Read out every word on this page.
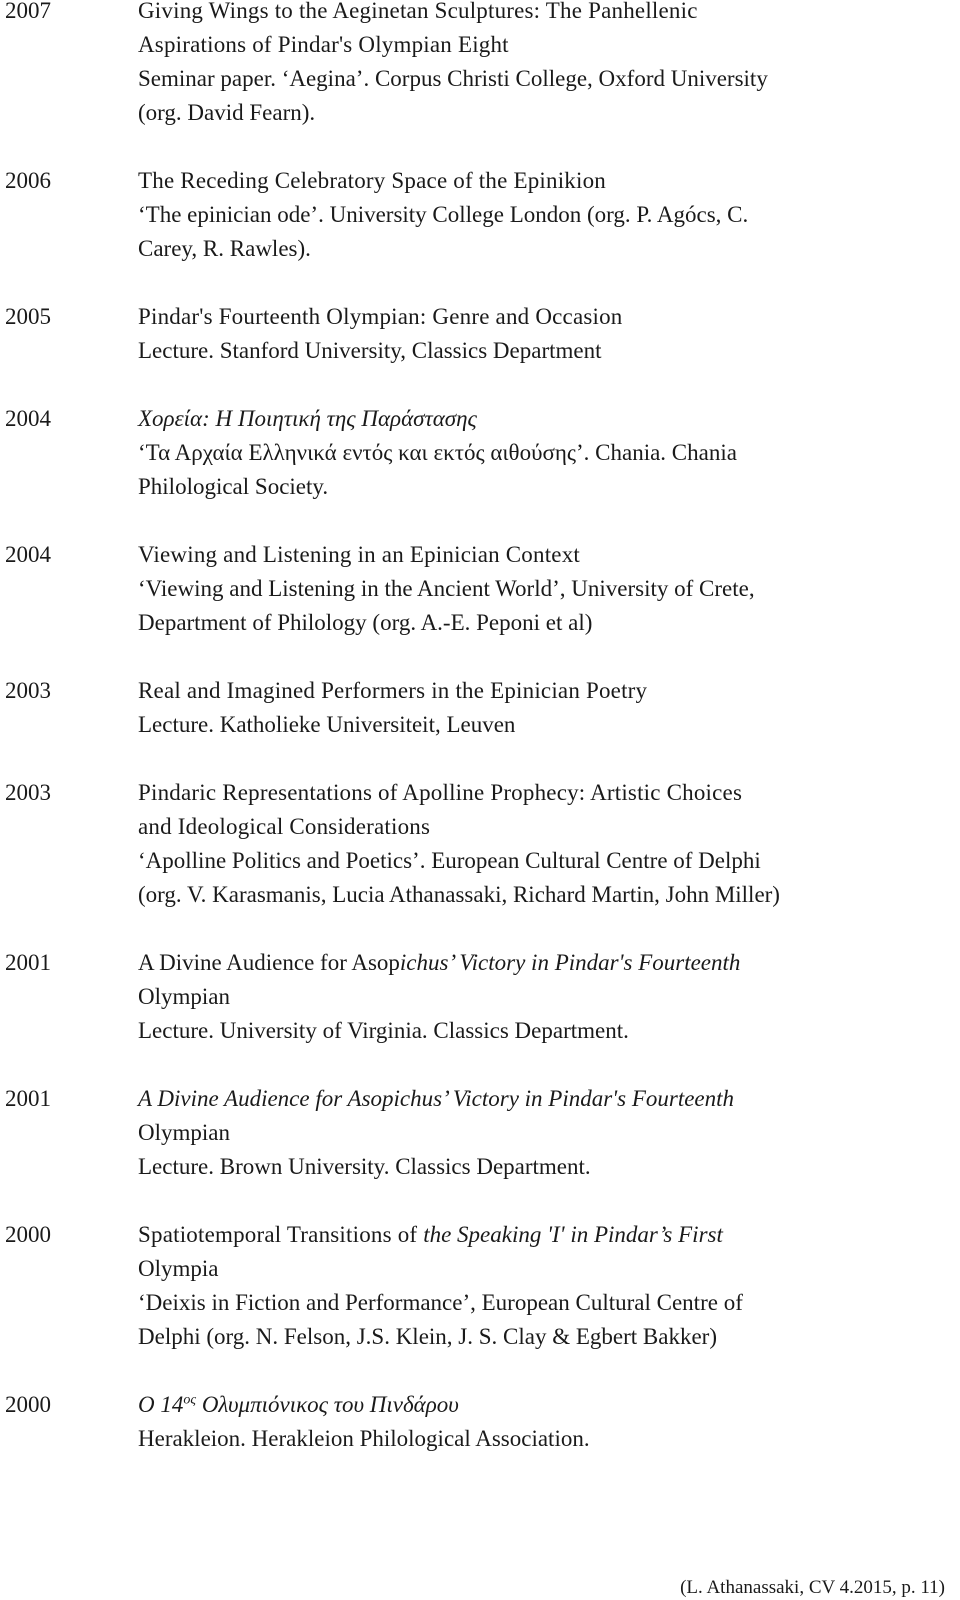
2007	Giving Wings to the Aeginetan Sculptures: The Panhellenic
Aspirations of Pindar's Olympian Eight
Seminar paper. ‘Aegina’. Corpus Christi College, Oxford University
(org. David Fearn).
2006	The Receding Celebratory Space of the Epinikion
‘The epinician ode’. University College London (org. P. Agócs, C.
Carey, R. Rawles).
2005	Pindar's Fourteenth Olympian: Genre and Occasion
Lecture. Stanford University, Classics Department
2004	Χορεία: Η Ποιητική της Παράστασης
‘Τα Αρχαία Ελληνικά εντός και εκτός αιθούσης’. Chania. Chania
Philological Society.
2004	Viewing and Listening in an Epinician Context
‘Viewing and Listening in the Ancient World’, University of Crete,
Department of Philology (org. A.-E. Peponi et al)
2003	Real and Imagined Performers in the Epinician Poetry
Lecture. Katholieke Universiteit, Leuven
2003	Pindaric Representations of Apolline Prophecy: Artistic Choices
and Ideological Considerations
‘Apolline Politics and Poetics’. European Cultural Centre of Delphi
(org. V. Karasmanis, Lucia Athanassaki, Richard Martin, John Miller)
2001	A Divine Audience for Asopichus’ Victory in Pindar's Fourteenth
Olympian
Lecture. University of Virginia. Classics Department.
2001	A Divine Audience for Asopichus’ Victory in Pindar's Fourteenth
Olympian
Lecture. Brown University. Classics Department.
2000	Spatiotemporal Transitions of the Speaking 'I' in Pindar’s First
Olympia
‘Deixis in Fiction and Performance’, European Cultural Centre of
Delphi (org. N. Felson, J.S. Klein, J. S. Clay & Egbert Bakker)
2000	Ο $14^{o\varsigma}$ Ολυμπιόνικος του Πινδάρου
Herakleion. Herakleion Philological Association.
(L. Athanassaki, CV 4.2015, p. 11)
